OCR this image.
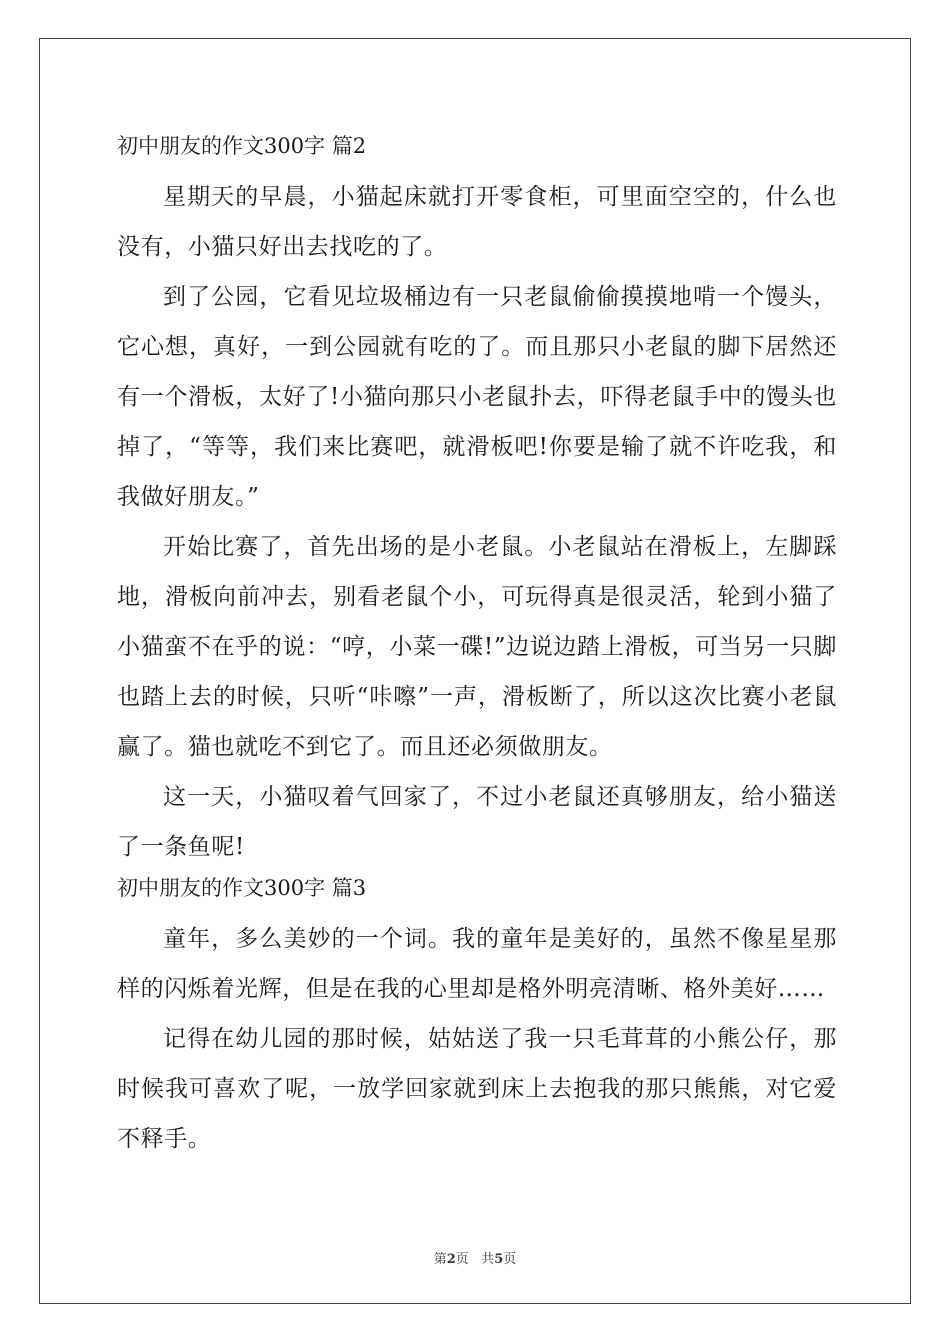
初中朋友的作文300字 篇2

星期天的早晨，小猫起床就打开零食柜，可里面空空的，什么也没有，小猫只好出去找吃的了。

到了公园，它看见垃圾桶边有一只老鼠偷偷摸摸地啃一个馒头，它心想，真好，一到公园就有吃的了。而且那只小老鼠的脚下居然还有一个滑板，太好了!小猫向那只小老鼠扑去，吓得老鼠手中的馒头也掉了，“等等，我们来比赛吧，就滑板吧!你要是输了就不许吃我，和我做好朋友。”

开始比赛了，首先出场的是小老鼠。小老鼠站在滑板上，左脚踩地，滑板向前冲去，别看老鼠个小，可玩得真是很灵活，轮到小猫了小猫蛮不在乎的说：“哼，小菜一碟!”边说边踏上滑板，可当另一只脚也踏上去的时候，只听“咔嚓”一声，滑板断了，所以这次比赛小老鼠赢了。猫也就吃不到它了。而且还必须做朋友。

这一天，小猫叹着气回家了，不过小老鼠还真够朋友，给小猫送了一条鱼呢!

初中朋友的作文300字 篇3

童年，多么美妙的一个词。我的童年是美好的，虽然不像星星那样的闪烁着光辉，但是在我的心里却是格外明亮清晰、格外美好……

记得在幼儿园的那时候，姑姑送了我一只毛茸茸的小熊公仔，那时候我可喜欢了呢，一放学回家就到床上去抱我的那只熊熊，对它爱不释手。

第2页 共5页
